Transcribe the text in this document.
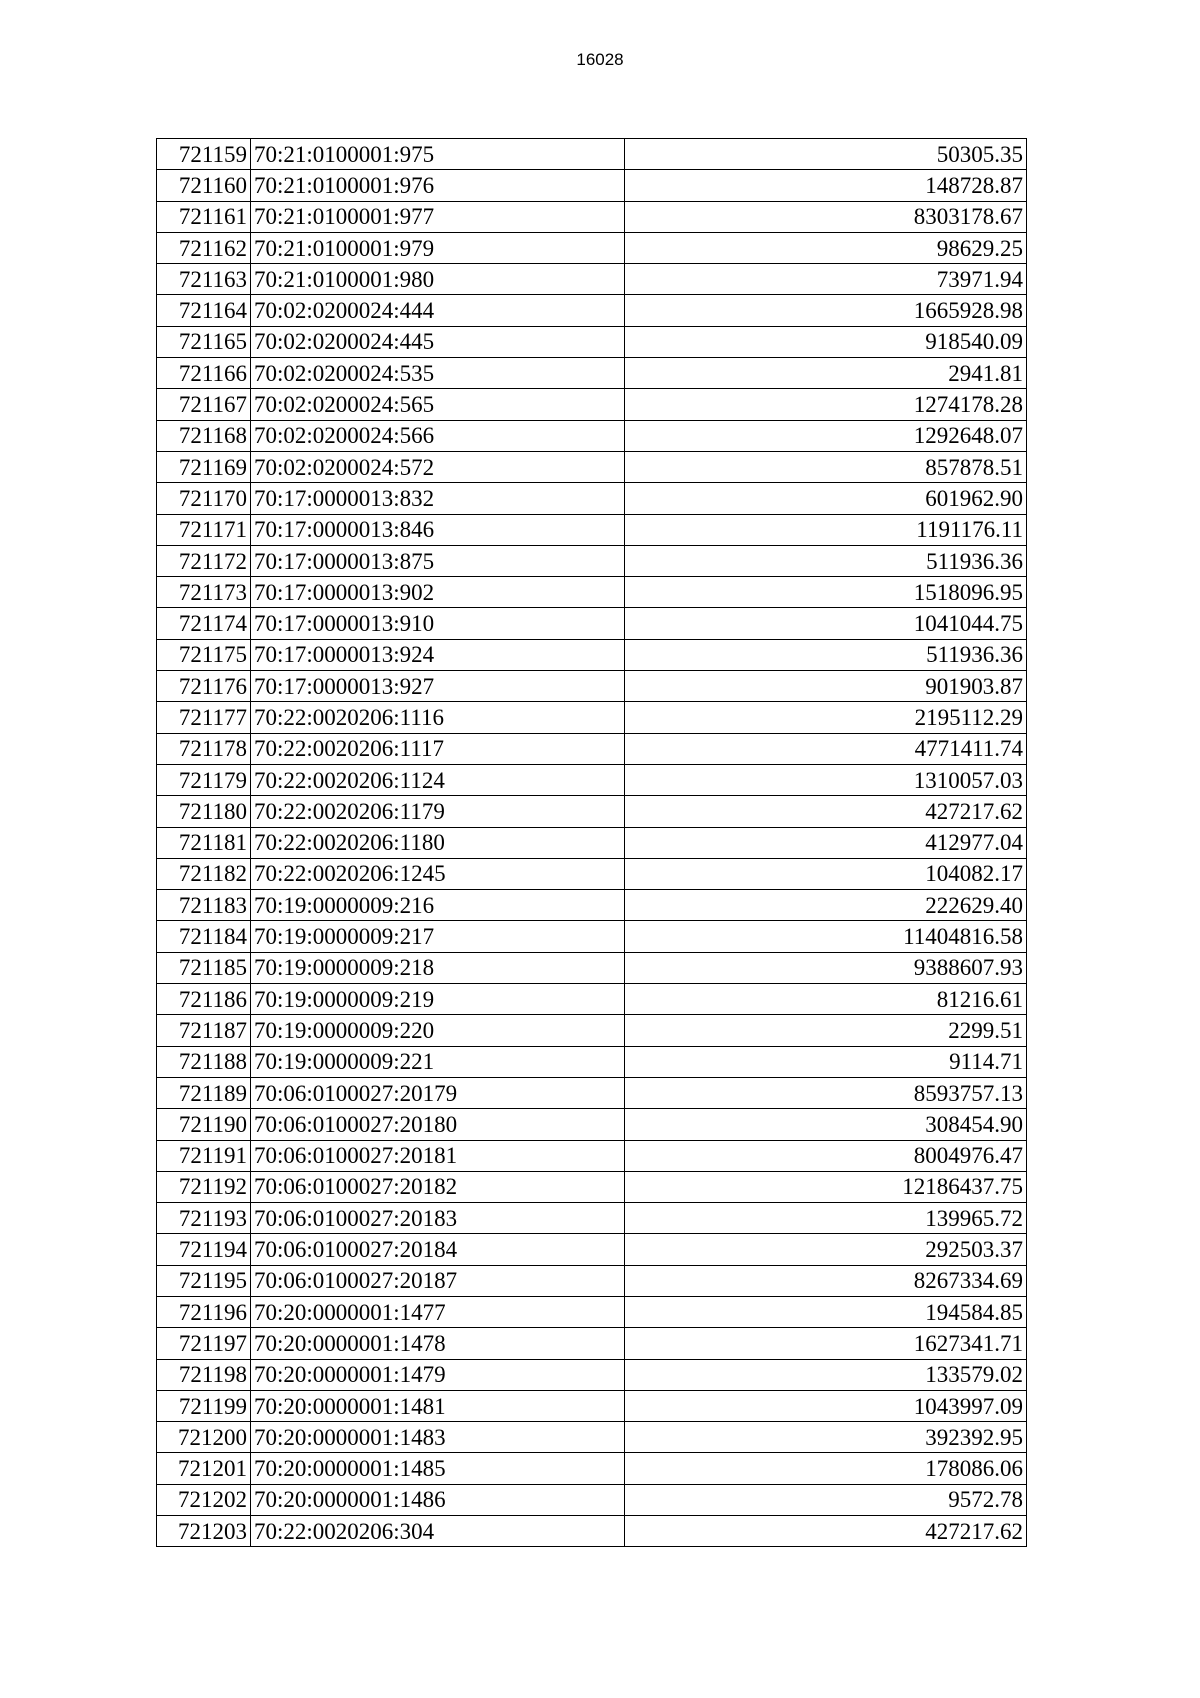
16028
721159	70:21:0100001:975	50305.35
721160	70:21:0100001:976	148728.87
721161	70:21:0100001:977	8303178.67
721162	70:21:0100001:979	98629.25
721163	70:21:0100001:980	73971.94
721164	70:02:0200024:444	1665928.98
721165	70:02:0200024:445	918540.09
721166	70:02:0200024:535	2941.81
721167	70:02:0200024:565	1274178.28
721168	70:02:0200024:566	1292648.07
721169	70:02:0200024:572	857878.51
721170	70:17:0000013:832	601962.90
721171	70:17:0000013:846	1191176.11
721172	70:17:0000013:875	511936.36
721173	70:17:0000013:902	1518096.95
721174	70:17:0000013:910	1041044.75
721175	70:17:0000013:924	511936.36
721176	70:17:0000013:927	901903.87
721177	70:22:0020206:1116	2195112.29
721178	70:22:0020206:1117	4771411.74
721179	70:22:0020206:1124	1310057.03
721180	70:22:0020206:1179	427217.62
721181	70:22:0020206:1180	412977.04
721182	70:22:0020206:1245	104082.17
721183	70:19:0000009:216	222629.40
721184	70:19:0000009:217	11404816.58
721185	70:19:0000009:218	9388607.93
721186	70:19:0000009:219	81216.61
721187	70:19:0000009:220	2299.51
721188	70:19:0000009:221	9114.71
721189	70:06:0100027:20179	8593757.13
721190	70:06:0100027:20180	308454.90
721191	70:06:0100027:20181	8004976.47
721192	70:06:0100027:20182	12186437.75
721193	70:06:0100027:20183	139965.72
721194	70:06:0100027:20184	292503.37
721195	70:06:0100027:20187	8267334.69
721196	70:20:0000001:1477	194584.85
721197	70:20:0000001:1478	1627341.71
721198	70:20:0000001:1479	133579.02
721199	70:20:0000001:1481	1043997.09
721200	70:20:0000001:1483	392392.95
721201	70:20:0000001:1485	178086.06
721202	70:20:0000001:1486	9572.78
721203	70:22:0020206:304	427217.62
